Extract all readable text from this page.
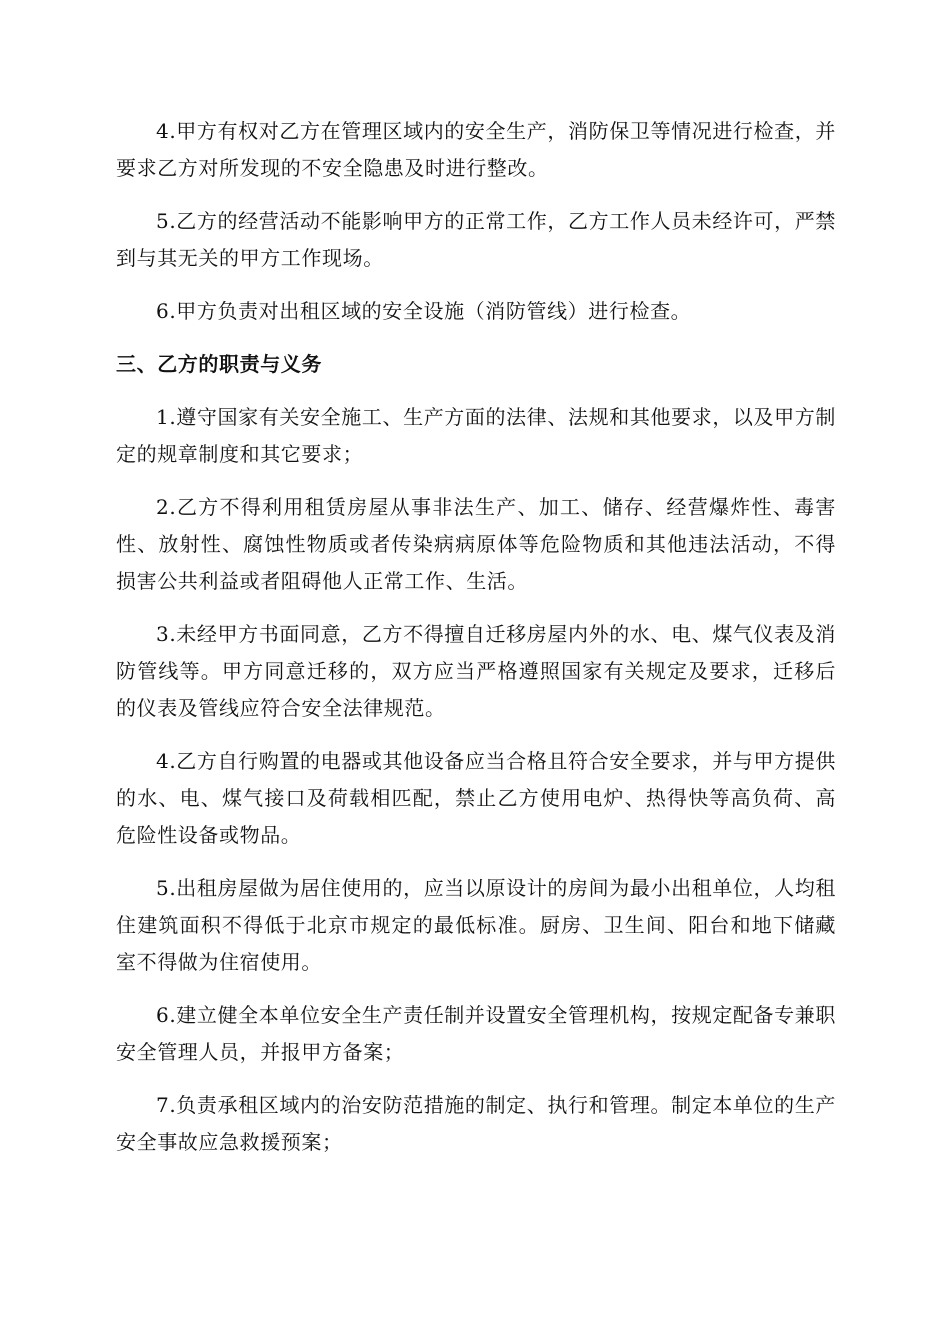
4.甲方有权对乙方在管理区域内的安全生产，消防保卫等情况进行检查，并要求乙方对所发现的不安全隐患及时进行整改。

5.乙方的经营活动不能影响甲方的正常工作，乙方工作人员未经许可，严禁到与其无关的甲方工作现场。

6.甲方负责对出租区域的安全设施（消防管线）进行检查。

三、乙方的职责与义务

1.遵守国家有关安全施工、生产方面的法律、法规和其他要求，以及甲方制定的规章制度和其它要求；

2.乙方不得利用租赁房屋从事非法生产、加工、储存、经营爆炸性、毒害性、放射性、腐蚀性物质或者传染病病原体等危险物质和其他违法活动，不得损害公共利益或者阻碍他人正常工作、生活。

3.未经甲方书面同意，乙方不得擅自迁移房屋内外的水、电、煤气仪表及消防管线等。甲方同意迁移的，双方应当严格遵照国家有关规定及要求，迁移后的仪表及管线应符合安全法律规范。

4.乙方自行购置的电器或其他设备应当合格且符合安全要求，并与甲方提供的水、电、煤气接口及荷载相匹配，禁止乙方使用电炉、热得快等高负荷、高危险性设备或物品。

5.出租房屋做为居住使用的，应当以原设计的房间为最小出租单位，人均租住建筑面积不得低于北京市规定的最低标准。厨房、卫生间、阳台和地下储藏室不得做为住宿使用。

6.建立健全本单位安全生产责任制并设置安全管理机构，按规定配备专兼职安全管理人员，并报甲方备案；

7.负责承租区域内的治安防范措施的制定、执行和管理。制定本单位的生产安全事故应急救援预案；
